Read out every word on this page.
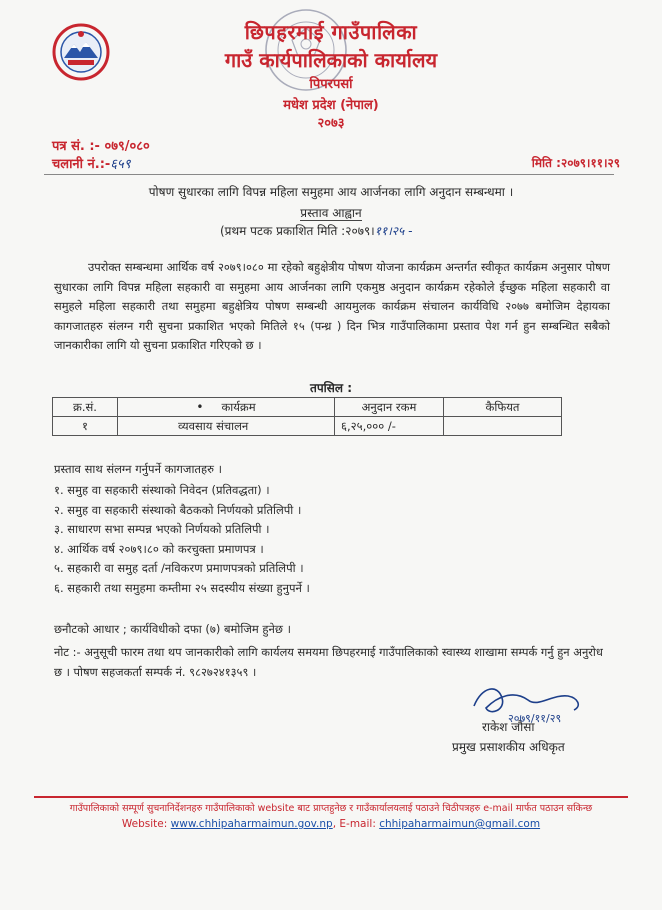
छिपहरमाई गाउँपालिका
गाउँ कार्यपालिकाको कार्यालय
पिपरपर्सा
मधेश प्रदेश (नेपाल)
२०७३
पत्र सं. :- ०७९/०८०
चलानी नं.:-६५९	मिति :२०७९।११।२९
पोषण सुधारका लागि विपन्न महिला समुहमा आय आर्जनका लागि अनुदान सम्बन्धमा ।
प्रस्ताव आह्वान
(प्रथम पटक प्रकाशित मिति :२०७९।११।२५ -

उपरोक्त सम्बन्धमा आर्थिक वर्ष २०७९।०८० मा रहेको बहुक्षेत्रीय पोषण योजना कार्यक्रम अन्तर्गत स्वीकृत कार्यक्रम अनुसार पोषण सुधारका लागि विपन्न महिला सहकारी वा समुहमा आय आर्जनका लागि एकमुष्ठ अनुदान कार्यक्रम रहेकोले ईच्छुक महिला सहकारी वा समुहले महिला सहकारी तथा समुहमा बहुक्षेत्रिय पोषण सम्बन्धी आयमुलक कार्यक्रम संचालन कार्यविधि २०७७ बमोजिम देहायका कागजातहरु संलग्न गरी सुचना प्रकाशित भएको मितिले १५ (पन्ध्र ) दिन भित्र गाउँपालिकामा प्रस्ताव पेश गर्न हुन सम्बन्धित सबैको जानकारीका लागि यो सुचना प्रकाशित गरिएको छ ।

तपसिल :
क्र.सं.	• कार्यक्रम	अनुदान रकम	कैफियत
१	व्यवसाय संचालन	६,२५,००० /-	
प्रस्ताव साथ संलग्न गर्नुपर्ने कागजातहरु ।
१. समुह वा सहकारी संस्थाको निवेदन (प्रतिवद्धता) ।
२. समुह वा सहकारी संस्थाको बैठकको निर्णयको प्रतिलिपी ।
३. साधारण सभा सम्पन्न भएको निर्णयको प्रतिलिपी ।
४. आर्थिक वर्ष २०७९।८० को करचुक्ता प्रमाणपत्र ।
५. सहकारी वा समुह दर्ता /नविकरण प्रमाणपत्रको प्रतिलिपी ।
६. सहकारी तथा समुहमा कम्तीमा २५ सदस्यीय संख्या हुनुपर्ने ।
छनौटको आधार ; कार्यविधीको दफा (७) बमोजिम हुनेछ ।
नोट :- अनुसूची फारम तथा थप जानकारीको लागि कार्यलय समयमा छिपहरमाई गाउँपालिकाको स्वास्थ्य शाखामा सम्पर्क गर्नु हुन अनुरोध छ । पोषण सहजकर्ता सम्पर्क नं. ९८२७२४१३५९ ।
२०७९/११/२९
राकेश जौसा
प्रमुख प्रसाशकीय अधिकृत
गाउँपालिकाको सम्पूर्ण सुचनानिर्देशनहरु गाउँपालिकाको website बाट प्राप्तहुनेछ र गाउँकार्यालयलाई पठाउने चिठीपत्रहरु e-mail मार्फत पठाउन सकिन्छ
Website: www.chhipaharmaimun.gov.np, E-mail: chhipaharmaimun@gmail.com
